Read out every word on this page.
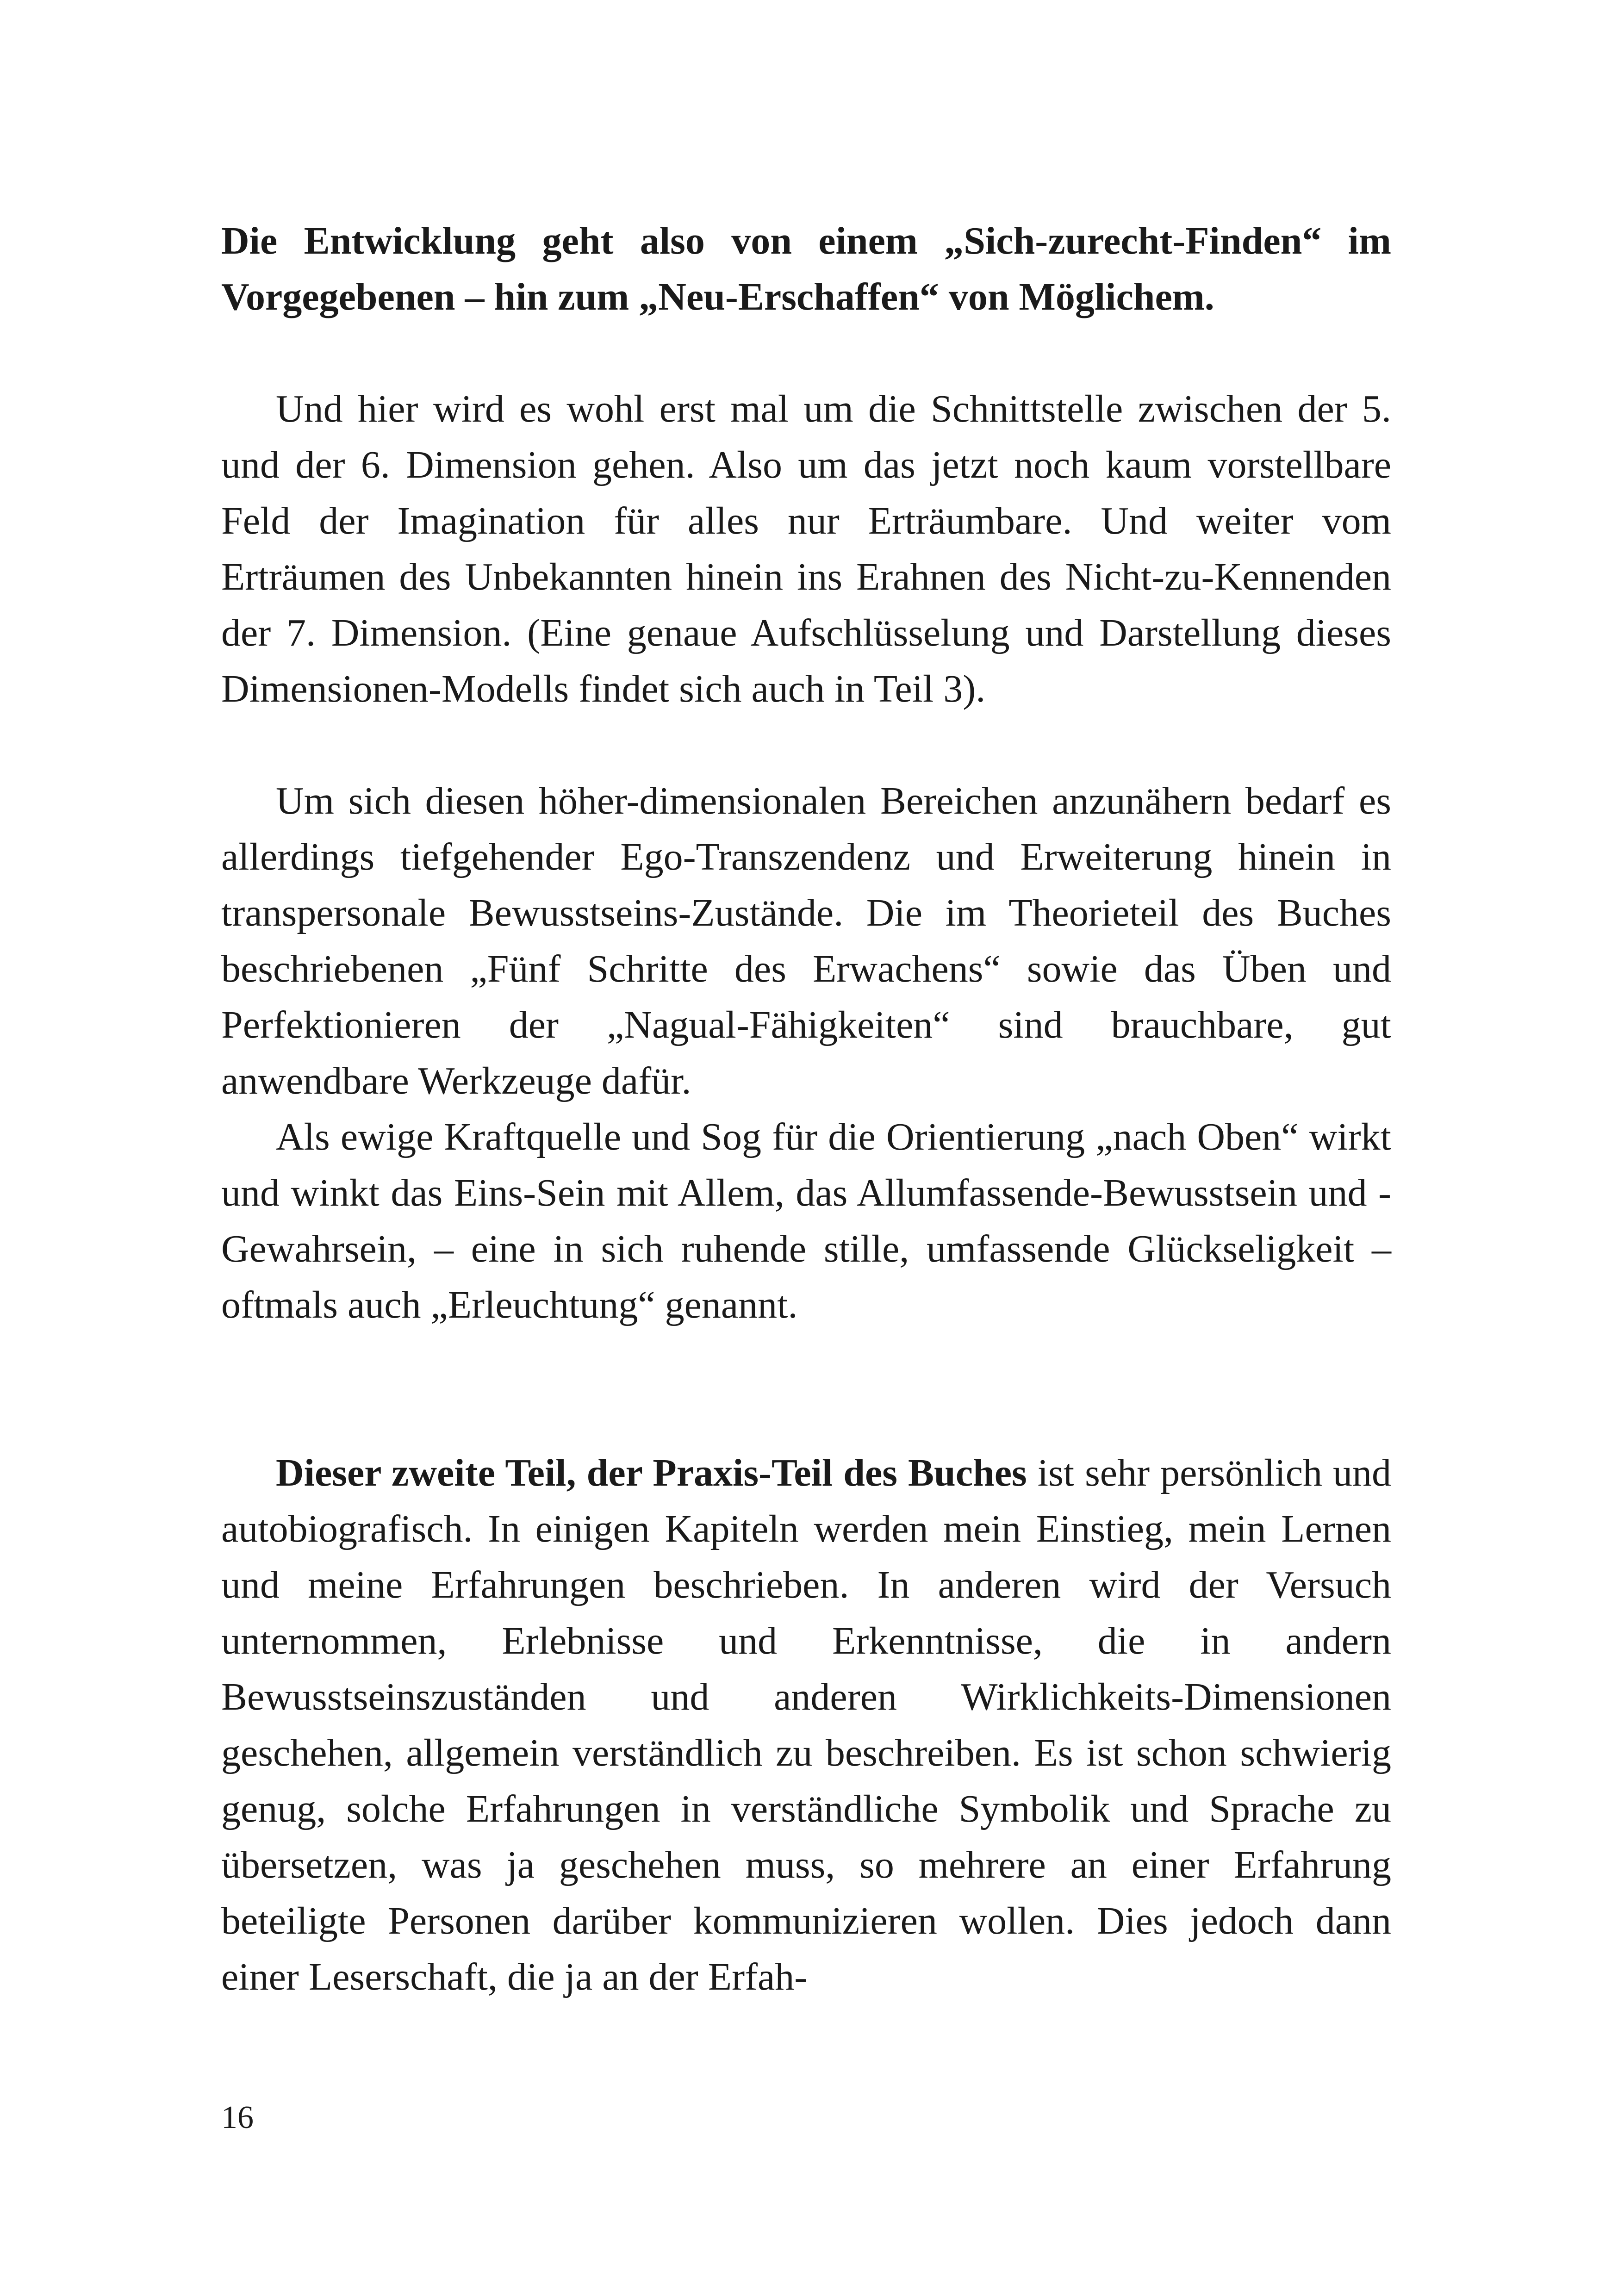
Die Entwicklung geht also von einem „Sich-zurecht-Finden“ im Vorgegebenen – hin zum „Neu-Erschaffen“ von Möglichem.

Und hier wird es wohl erst mal um die Schnittstelle zwischen der 5. und der 6. Dimension gehen. Also um das jetzt noch kaum vorstellbare Feld der Imagination für alles nur Erträumbare. Und weiter vom Erträumen des Unbekannten hinein ins Erahnen des Nicht-zu-Kennenden der 7. Dimension. (Eine genaue Aufschlüsselung und Darstellung dieses Dimensionen-Modells findet sich auch in Teil 3).

Um sich diesen höher-dimensionalen Bereichen anzunähern bedarf es allerdings tiefgehender Ego-Transzendenz und Erweiterung hinein in transpersonale Bewusstseins-Zustände. Die im Theorieteil des Buches beschriebenen „Fünf Schritte des Erwachens“ sowie das Üben und Perfektionieren der „Nagual-Fähigkeiten“ sind brauchbare, gut anwendbare Werkzeuge dafür.

Als ewige Kraftquelle und Sog für die Orientierung „nach Oben“ wirkt und winkt das Eins-Sein mit Allem, das Allumfassende-Bewusstsein und -Gewahrsein, – eine in sich ruhende stille, umfassende Glückseligkeit – oftmals auch „Erleuchtung“ genannt.

Dieser zweite Teil, der Praxis-Teil des Buches ist sehr persönlich und autobiografisch. In einigen Kapiteln werden mein Einstieg, mein Lernen und meine Erfahrungen beschrieben. In anderen wird der Versuch unternommen, Erlebnisse und Erkenntnisse, die in andern Bewusstseinszuständen und anderen Wirklichkeits-Dimensionen geschehen, allgemein verständlich zu beschreiben. Es ist schon schwierig genug, solche Erfahrungen in verständliche Symbolik und Sprache zu übersetzen, was ja geschehen muss, so mehrere an einer Erfahrung beteiligte Personen darüber kommunizieren wollen. Dies jedoch dann einer Leserschaft, die ja an der Erfah-

16
